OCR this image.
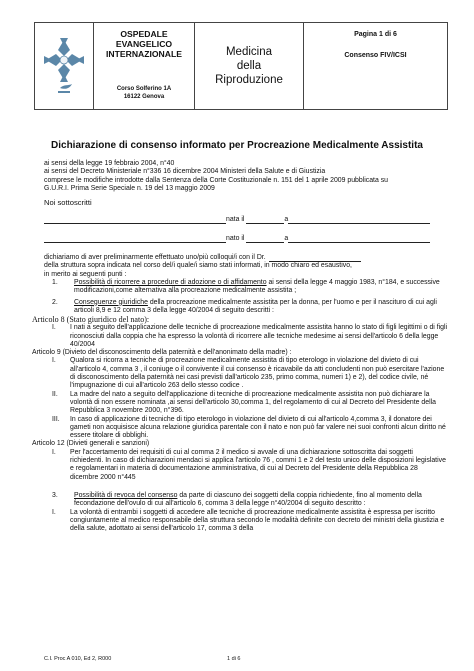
OSPEDALE
EVANGELICO
INTERNAZIONALE
Corso Solferino 1A
16122 Genova
Medicina
della
Riproduzione
Pagina 1 di 6
Consenso FIV/ICSI
Dichiarazione di consenso informato per Procreazione Medicalmente Assistita
ai sensi della legge 19 febbraio 2004, n°40
ai sensi del Decreto Ministeriale n°336 16 dicembre 2004 Ministeri della Salute e di Giustizia
comprese le modifiche introdotte dalla Sentenza della Corte Costituzionale n. 151 del 1 aprile 2009 pubblicata su
G.U.R.I. Prima Serie Speciale n. 19 del 13 maggio 2009
Noi sottoscritti
nata il	a
nato il	a
dichiariamo di aver preliminarmente effettuato uno/più colloqui/i con il Dr.
della struttura sopra indicata nel corso del/i quale/i siamo stati informati, in modo chiaro ed esaustivo,
in merito ai seguenti punti :
1.	Possibilità di ricorrere a procedure di adozione o di affidamento ai sensi della legge 4 maggio 1983, n°184, e successive modificazioni,come alternativa alla procreazione medicalmente assistita ;
2.	Conseguenze giuridiche della procreazione medicalmente assistita per la donna, per l'uomo e per il nascituro di cui agli articoli 8,9 e 12 comma 3 della legge 40/2004 di seguito descritti :
Articolo 8 (Stato giuridico del nato):
I.	I nati a seguito dell'applicazione delle tecniche di procreazione medicalmente assistita hanno lo stato di figli legittimi o di figli riconosciuti dalla coppia che ha espresso la volontà di ricorrere alle tecniche medesime ai sensi dell'articolo 6 della legge 40/2004
Articolo 9 (Divieto del disconoscimento della paternità e dell'anonimato della madre) :
I.	Qualora si ricorra a tecniche di procreazione medicalmente assistita di tipo eterologo in violazione del divieto di cui all'articolo 4, comma 3 , il coniuge o il convivente il cui consenso è ricavabile da atti concludenti non può esercitare l'azione di disconoscimento della paternità nei casi previsti dall'articolo 235, primo comma, numeri 1) e 2), del codice civile, né l'impugnazione di cui all'articolo 263 dello stesso codice .
II.	La madre del nato a seguito dell'applicazione di tecniche di procreazione medicalmente assistita non può dichiarare la volontà di non essere nominata ,ai sensi dell'articolo 30,comma 1, del regolamento di cui al Decreto del Presidente della Repubblica 3 novembre 2000, n°396.
III.	In caso di applicazione di tecniche di tipo eterologo in violazione del divieto di cui all'articolo 4,comma 3, il donatore dei gameti non acquisisce alcuna relazione giuridica parentale con il nato e non può far valere nei suoi confronti alcun diritto né essere titolare di obblighi.
Articolo 12 (Divieti generali e sanzioni)
I.	Per l'accertamento dei requisiti di cui al comma 2 il medico si avvale di una dichiarazione sottoscritta dai soggetti richiedenti. In caso di dichiarazioni mendaci si applica l'articolo 76 , commi 1 e 2 del testo unico delle disposizioni legislative e regolamentari in materia di documentazione amministrativa, di cui al Decreto del Presidente della Repubblica 28 dicembre 2000 n°445
3.	Possibilità di revoca del consenso da parte di ciascuno dei soggetti della coppia richiedente, fino al momento della fecondazione dell'ovulo di cui all'articolo 6, comma 3 della legge n°40/2004 di seguito descritto :
I.	La volontà di entrambi i soggetti di accedere alle tecniche di procreazione medicalmente assistita è espressa per iscritto congiuntamente al medico responsabile della struttura secondo le modalità definite con decreto dei ministri della giustizia e della salute, adottato ai sensi dell'articolo 17, comma 3 della
C.I. Proc A 010, Ed 2, R000	1 di 6
